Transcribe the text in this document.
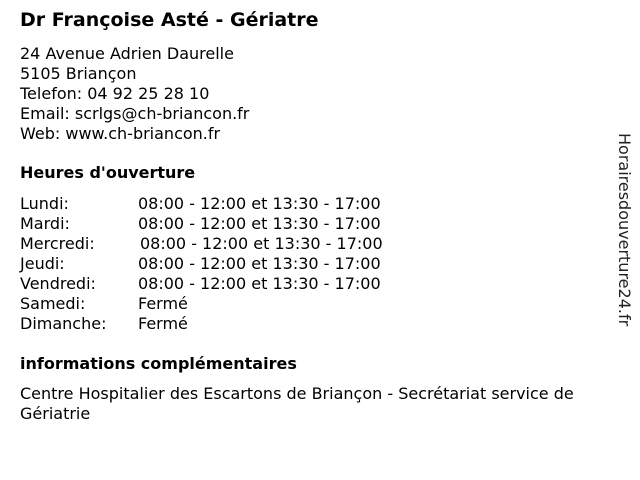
Dr Françoise Asté - Gériatre
24 Avenue Adrien Daurelle
5105 Briançon
Telefon: 04 92 25 28 10
Email: scrlgs@ch-briancon.fr
Web: www.ch-briancon.fr
Heures d'ouverture
Lundi:	08:00 - 12:00 et 13:30 - 17:00
Mardi:	08:00 - 12:00 et 13:30 - 17:00
Mercredi:	08:00 - 12:00 et 13:30 - 17:00
Jeudi:	08:00 - 12:00 et 13:30 - 17:00
Vendredi:	08:00 - 12:00 et 13:30 - 17:00
Samedi:	Fermé
Dimanche:	Fermé
informations complémentaires
Centre Hospitalier des Escartons de Briançon - Secrétariat service de Gériatrie
Horairesdouverture24.fr
